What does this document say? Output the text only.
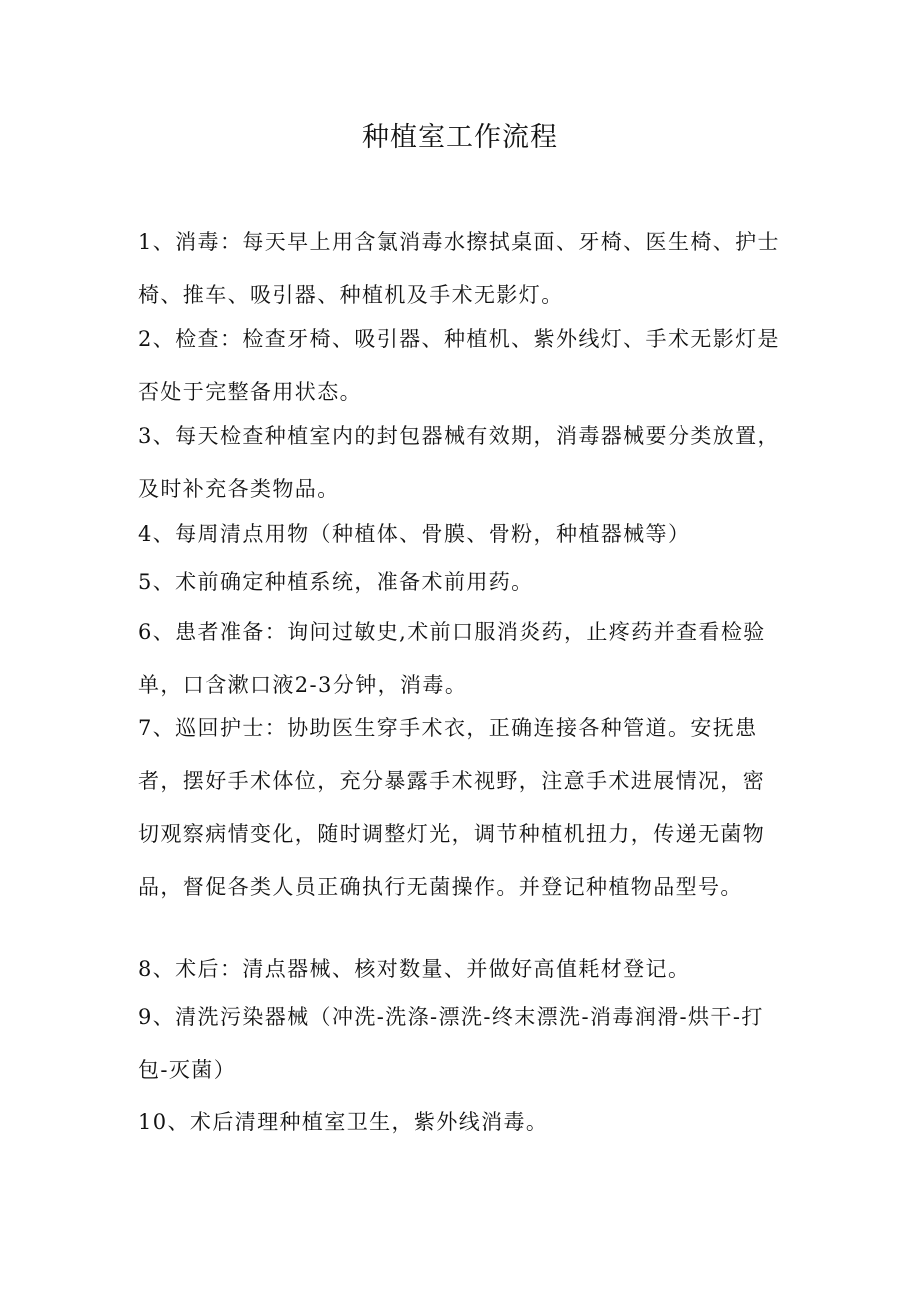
种植室工作流程

1、消毒：每天早上用含氯消毒水擦拭桌面、牙椅、医生椅、护士椅、推车、吸引器、种植机及手术无影灯。

2、检查：检查牙椅、吸引器、种植机、紫外线灯、手术无影灯是否处于完整备用状态。

3、每天检查种植室内的封包器械有效期，消毒器械要分类放置，及时补充各类物品。

4、每周清点用物（种植体、骨膜、骨粉，种植器械等）

5、术前确定种植系统，准备术前用药。

6、患者准备：询问过敏史,术前口服消炎药，止疼药并查看检验单，口含漱口液2-3分钟，消毒。

7、巡回护士：协助医生穿手术衣，正确连接各种管道。安抚患者，摆好手术体位，充分暴露手术视野，注意手术进展情况，密切观察病情变化，随时调整灯光，调节种植机扭力，传递无菌物品，督促各类人员正确执行无菌操作。并登记种植物品型号。

8、术后：清点器械、核对数量、并做好高值耗材登记。

9、清洗污染器械（冲洗-洗涤-漂洗-终末漂洗-消毒润滑-烘干-打包-灭菌）

10、术后清理种植室卫生，紫外线消毒。
